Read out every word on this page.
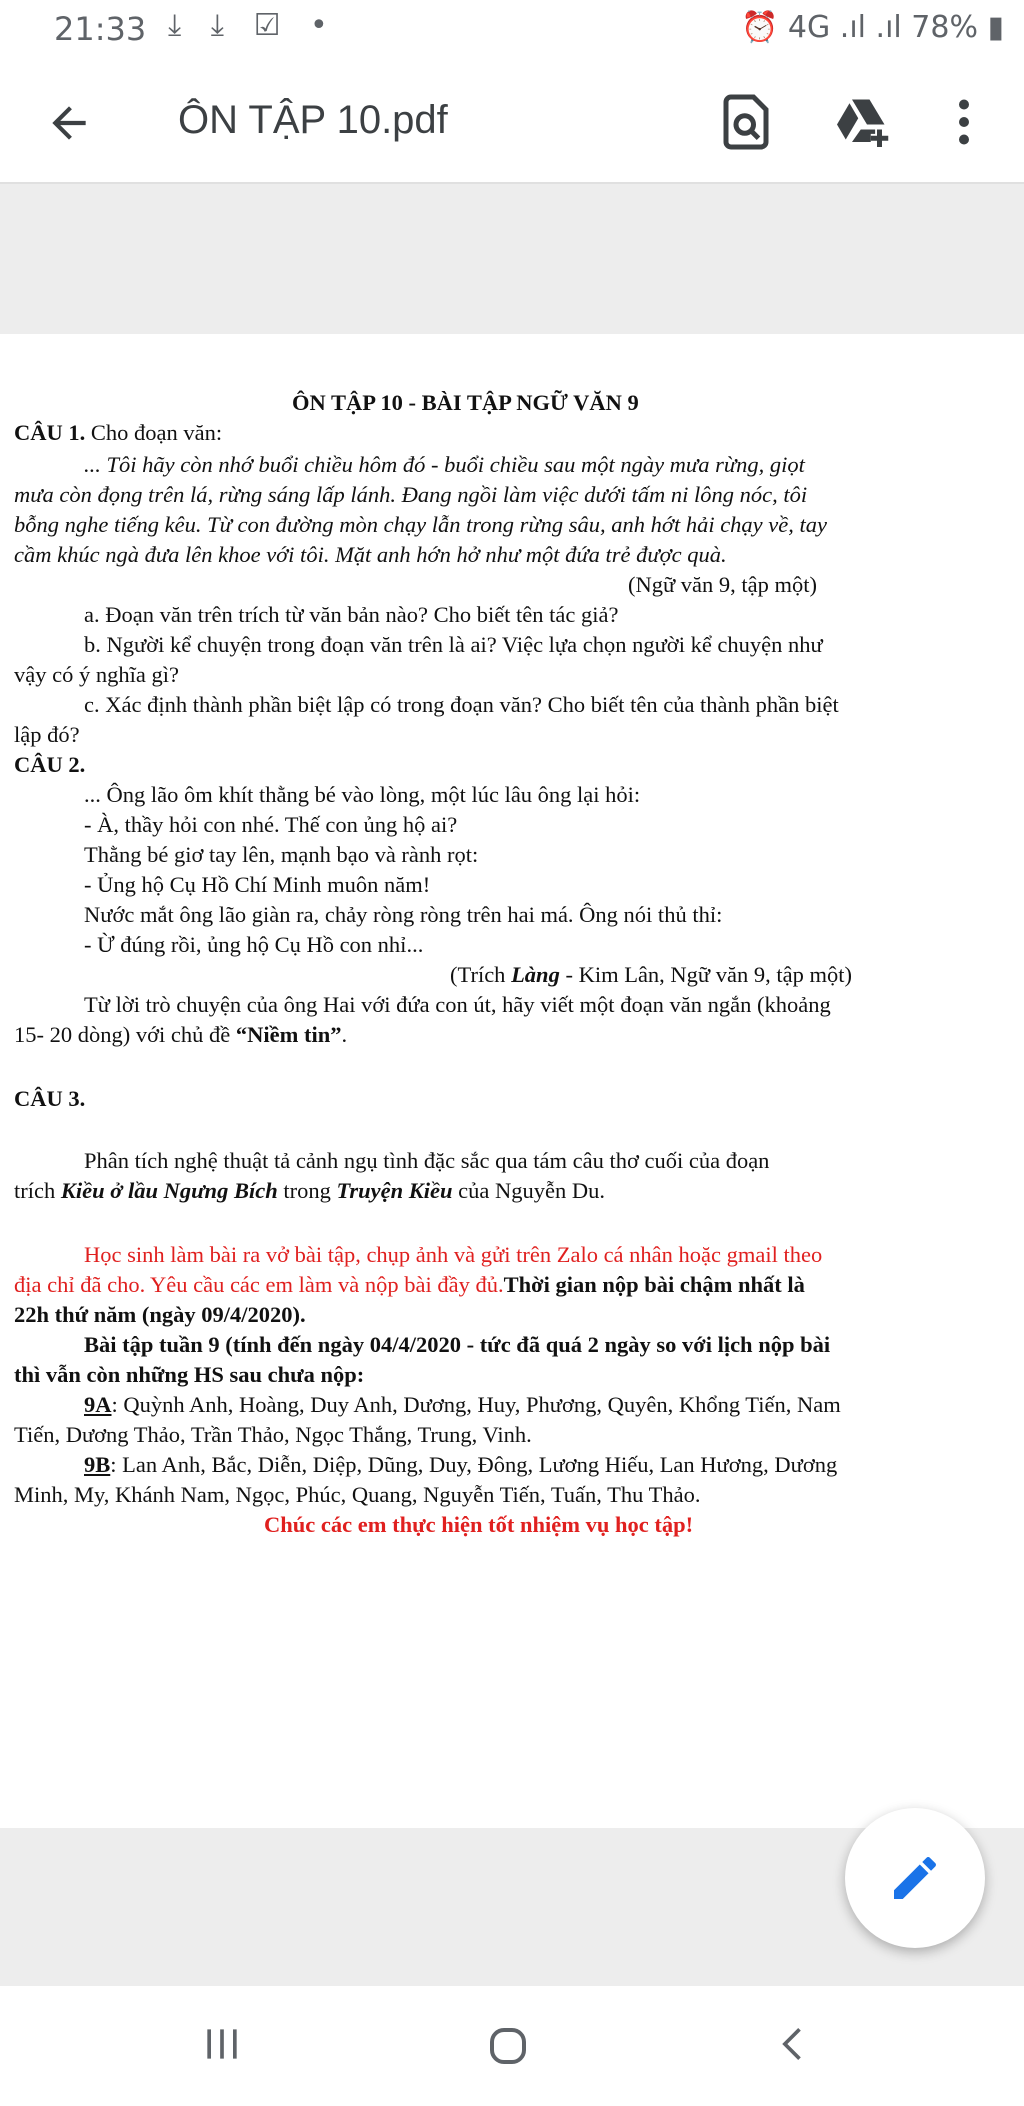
21:33 ⤓ ⤓ ☑ •	⏰ 4G .ıl .ıl 78% ▮
ÔN TẬP 10.pdf
ÔN TẬP 10 - BÀI TẬP NGỮ VĂN 9
CÂU 1. Cho đoạn văn:
... Tôi hãy còn nhớ buổi chiều hôm đó - buổi chiều sau một ngày mưa rừng, giọt
mưa còn đọng trên lá, rừng sáng lấp lánh. Đang ngồi làm việc dưới tấm ni lông nóc, tôi
bỗng nghe tiếng kêu. Từ con đường mòn chạy lẫn trong rừng sâu, anh hớt hải chạy về, tay
cầm khúc ngà đưa lên khoe với tôi. Mặt anh hớn hở như một đứa trẻ được quà.
(Ngữ văn 9, tập một)
a. Đoạn văn trên trích từ văn bản nào? Cho biết tên tác giả?
b. Người kể chuyện trong đoạn văn trên là ai? Việc lựa chọn người kể chuyện như
vậy có ý nghĩa gì?
c. Xác định thành phần biệt lập có trong đoạn văn? Cho biết tên của thành phần biệt
lập đó?
CÂU 2.
... Ông lão ôm khít thằng bé vào lòng, một lúc lâu ông lại hỏi:
- À, thầy hỏi con nhé. Thế con ủng hộ ai?
Thằng bé giơ tay lên, mạnh bạo và rành rọt:
- Ủng hộ Cụ Hồ Chí Minh muôn năm!
Nước mắt ông lão giàn ra, chảy ròng ròng trên hai má. Ông nói thủ thỉ:
- Ừ đúng rồi, ủng hộ Cụ Hồ con nhỉ...
(Trích Làng - Kim Lân, Ngữ văn 9, tập một)
Từ lời trò chuyện của ông Hai với đứa con út, hãy viết một đoạn văn ngắn (khoảng
15- 20 dòng) với chủ đề “Niềm tin”.
CÂU 3.
Phân tích nghệ thuật tả cảnh ngụ tình đặc sắc qua tám câu thơ cuối của đoạn
trích Kiều ở lầu Ngưng Bích trong Truyện Kiều của Nguyễn Du.
Học sinh làm bài ra vở bài tập, chụp ảnh và gửi trên Zalo cá nhân hoặc gmail theo
địa chỉ đã cho. Yêu cầu các em làm và nộp bài đầy đủ.Thời gian nộp bài chậm nhất là
22h thứ năm (ngày 09/4/2020).
Bài tập tuần 9 (tính đến ngày 04/4/2020 - tức đã quá 2 ngày so với lịch nộp bài
thì vẫn còn những HS sau chưa nộp:
9A: Quỳnh Anh, Hoàng, Duy Anh, Dương, Huy, Phương, Quyên, Khổng Tiến, Nam
Tiến, Dương Thảo, Trần Thảo, Ngọc Thắng, Trung, Vinh.
9B: Lan Anh, Bắc, Diễn, Diệp, Dũng, Duy, Đông, Lương Hiếu, Lan Hương, Dương
Minh, My, Khánh Nam, Ngọc, Phúc, Quang, Nguyễn Tiến, Tuấn, Thu Thảo.
Chúc các em thực hiện tốt nhiệm vụ học tập!
